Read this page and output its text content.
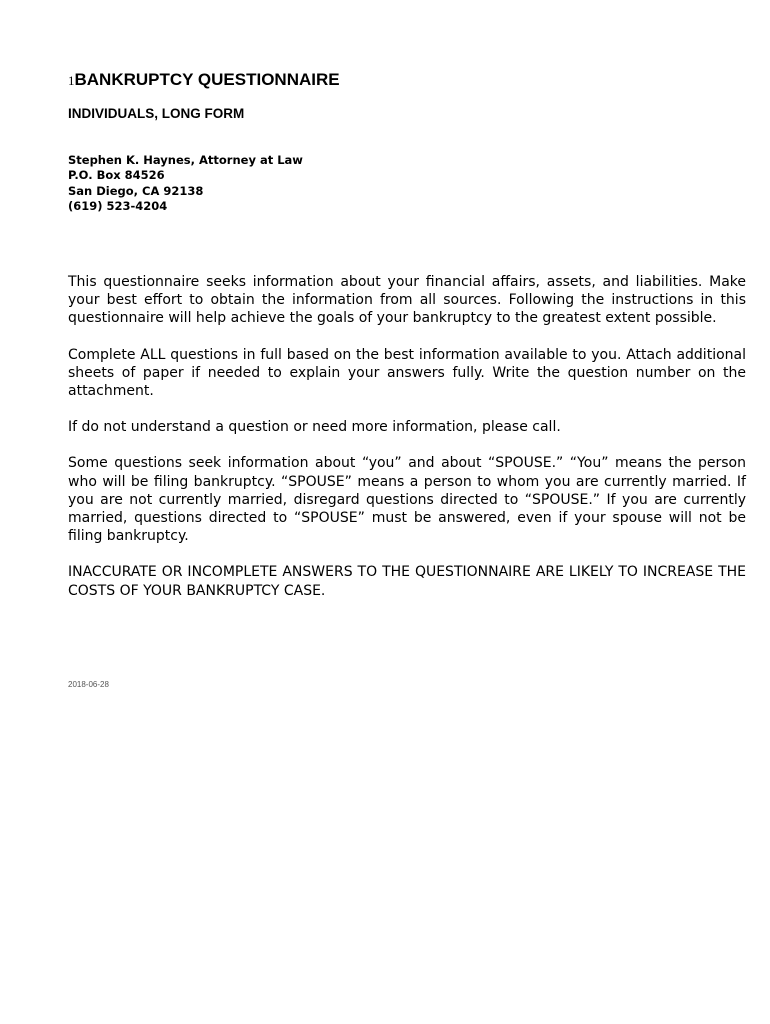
1BANKRUPTCY QUESTIONNAIRE
INDIVIDUALS, LONG FORM
Stephen K. Haynes, Attorney at Law
P.O. Box 84526
San Diego, CA 92138
(619) 523-4204

This questionnaire seeks information about your financial affairs, assets, and liabilities. Make your best effort to obtain the information from all sources. Following the instructions in this questionnaire will help achieve the goals of your bankruptcy to the greatest extent possible.

Complete ALL questions in full based on the best information available to you. Attach additional sheets of paper if needed to explain your answers fully. Write the question number on the attachment.

If do not understand a question or need more information, please call.

Some questions seek information about “you” and about “SPOUSE.” “You” means the person who will be filing bankruptcy. “SPOUSE” means a person to whom you are currently married. If you are not currently married, disregard questions directed to “SPOUSE.” If you are currently married, questions directed to “SPOUSE” must be answered, even if your spouse will not be filing bankruptcy.

INACCURATE OR INCOMPLETE ANSWERS TO THE QUESTIONNAIRE ARE LIKELY TO INCREASE THE COSTS OF YOUR BANKRUPTCY CASE.

2018-06-28
